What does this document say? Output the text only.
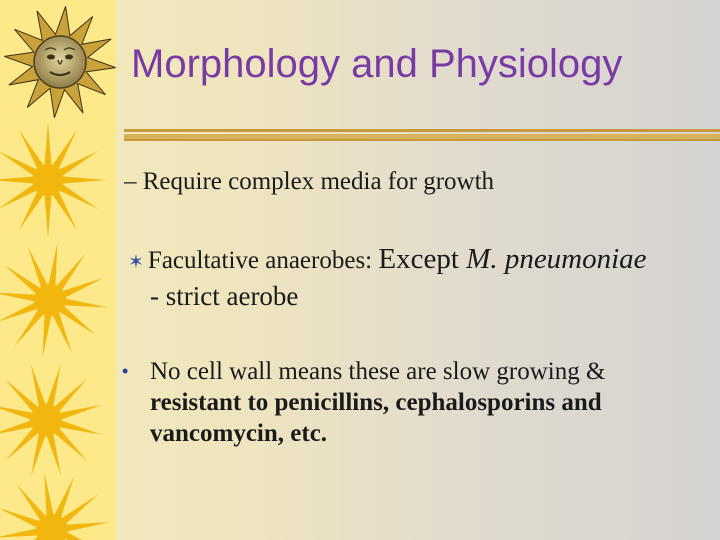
Morphology and Physiology
– Require complex media for growth
✶ Facultative anaerobes: Except M. pneumoniae
- strict aerobe
• No cell wall means these are slow growing & resistant to penicillins, cephalosporins and vancomycin, etc.
